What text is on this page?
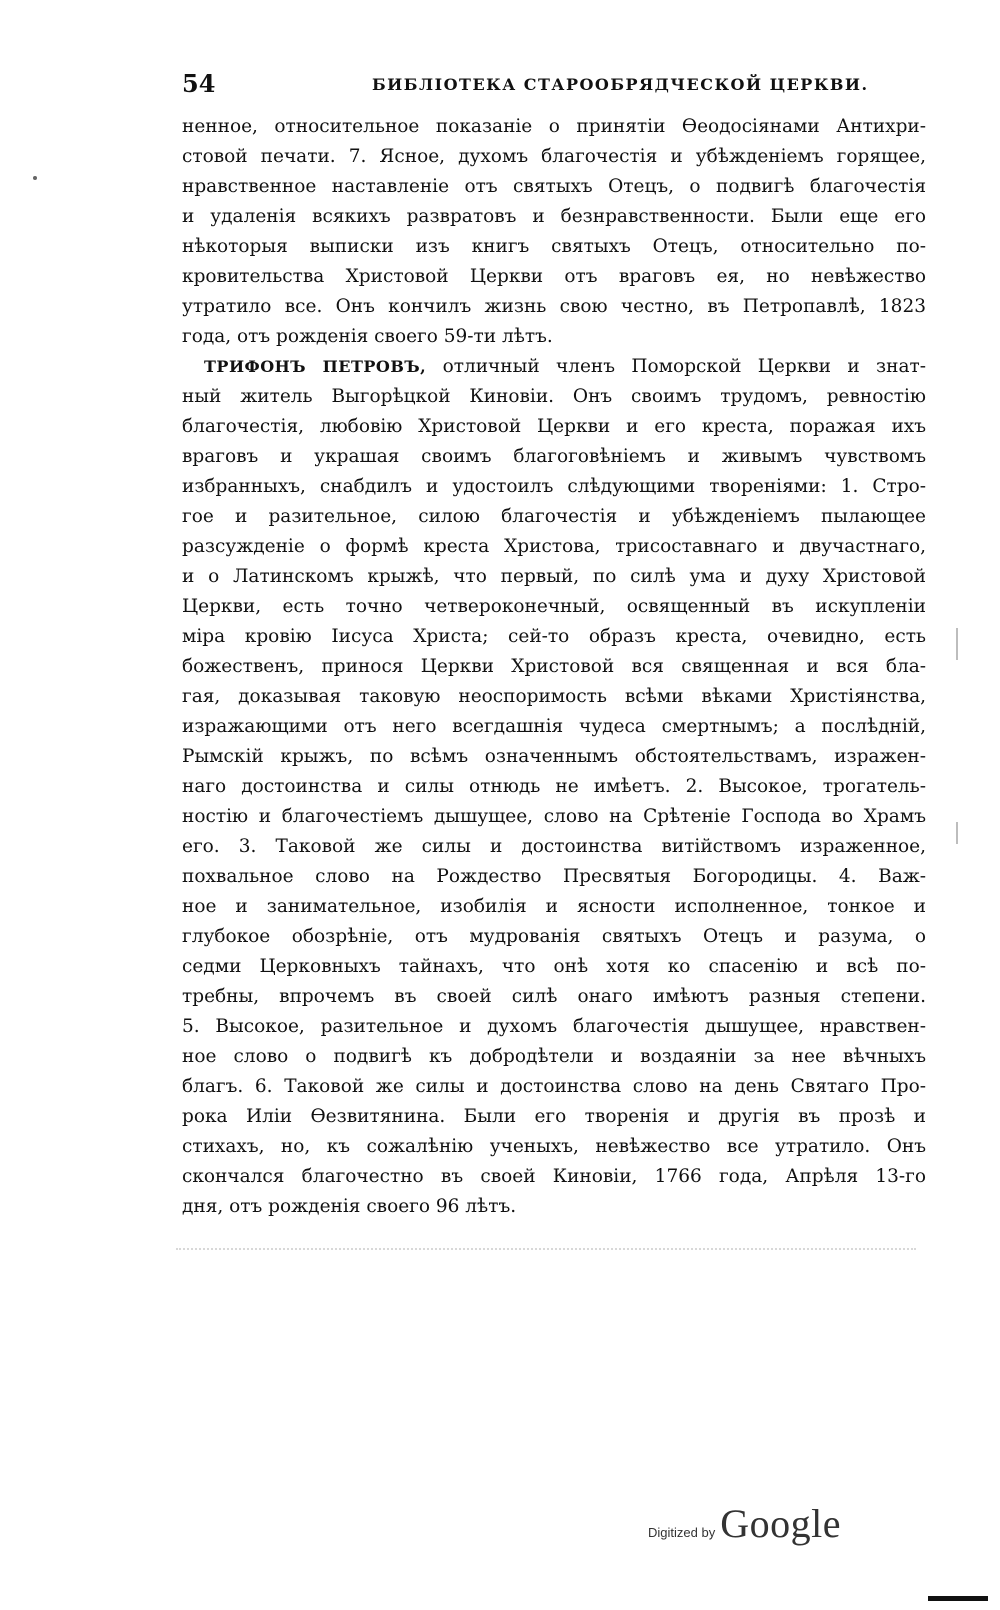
54	БИБЛІОТЕКА СТАРООБРЯДЧЕСКОЙ ЦЕРКВИ.
ненное, относительное показаніе о принятіи Ѳеодосіянами Антихри-
стовой печати. 7. Ясное, духомъ благочестія и убѣжденіемъ горящее,
нравственное наставленіе отъ святыхъ Отецъ, о подвигѣ благочестія
и удаленія всякихъ развратовъ и безнравственности. Были еще его
нѣкоторыя выписки изъ книгъ святыхъ Отецъ, относительно по-
кровительства Христовой Церкви отъ враговъ ея, но невѣжество
утратило все. Онъ кончилъ жизнь свою честно, въ Петропавлѣ, 1823
года, отъ рожденія своего 59-ти лѣтъ.
ТРИФОНЪ ПЕТРОВЪ, отличный членъ Поморской Церкви и знат-
ный житель Выгорѣцкой Киновіи. Онъ своимъ трудомъ, ревностію
благочестія, любовію Христовой Церкви и его креста, поражая ихъ
враговъ и украшая своимъ благоговѣніемъ и живымъ чувствомъ
избранныхъ, снабдилъ и удостоилъ слѣдующими твореніями: 1. Стро-
гое и разительное, силою благочестія и убѣжденіемъ пылающее
разсужденіе о формѣ креста Христова, трисоставнаго и двучастнаго,
и о Латинскомъ крыжѣ, что первый, по силѣ ума и духу Христовой
Церкви, есть точно четвероконечный, освященный въ искупленіи
міра кровію Іисуса Христа; сей-то образъ креста, очевидно, есть
божественъ, принося Церкви Христовой вся священная и вся бла-
гая, доказывая таковую неоспоримость всѣми вѣками Христіянства,
изражающими отъ него всегдашнія чудеса смертнымъ; а послѣдній,
Рымскій крыжъ, по всѣмъ означеннымъ обстоятельствамъ, изражен-
наго достоинства и силы отнюдь не имѣетъ. 2. Высокое, трогатель-
ностію и благочестіемъ дышущее, слово на Срѣтеніе Господа во Храмъ
его. 3. Таковой же силы и достоинства витійствомъ израженное,
похвальное слово на Рождество Пресвятыя Богородицы. 4. Важ-
ное и занимательное, изобилія и ясности исполненное, тонкое и
глубокое обозрѣніе, отъ мудрованія святыхъ Отецъ и разума, о
седми Церковныхъ тайнахъ, что онѣ хотя ко спасенію и всѣ по-
требны, впрочемъ въ своей силѣ онаго имѣютъ разныя степени.
5. Высокое, разительное и духомъ благочестія дышущее, нравствен-
ное слово о подвигѣ къ добродѣтели и воздаяніи за нее вѣчныхъ
благъ. 6. Таковой же силы и достоинства слово на день Святаго Про-
рока Иліи Ѳезвитянина. Были его творенія и другія въ прозѣ и
стихахъ, но, къ сожалѣнію ученыхъ, невѣжество все утратило. Онъ
скончался благочестно въ своей Киновіи, 1766 года, Апрѣля 13-го
дня, отъ рожденія своего 96 лѣтъ.
Digitized by Google
